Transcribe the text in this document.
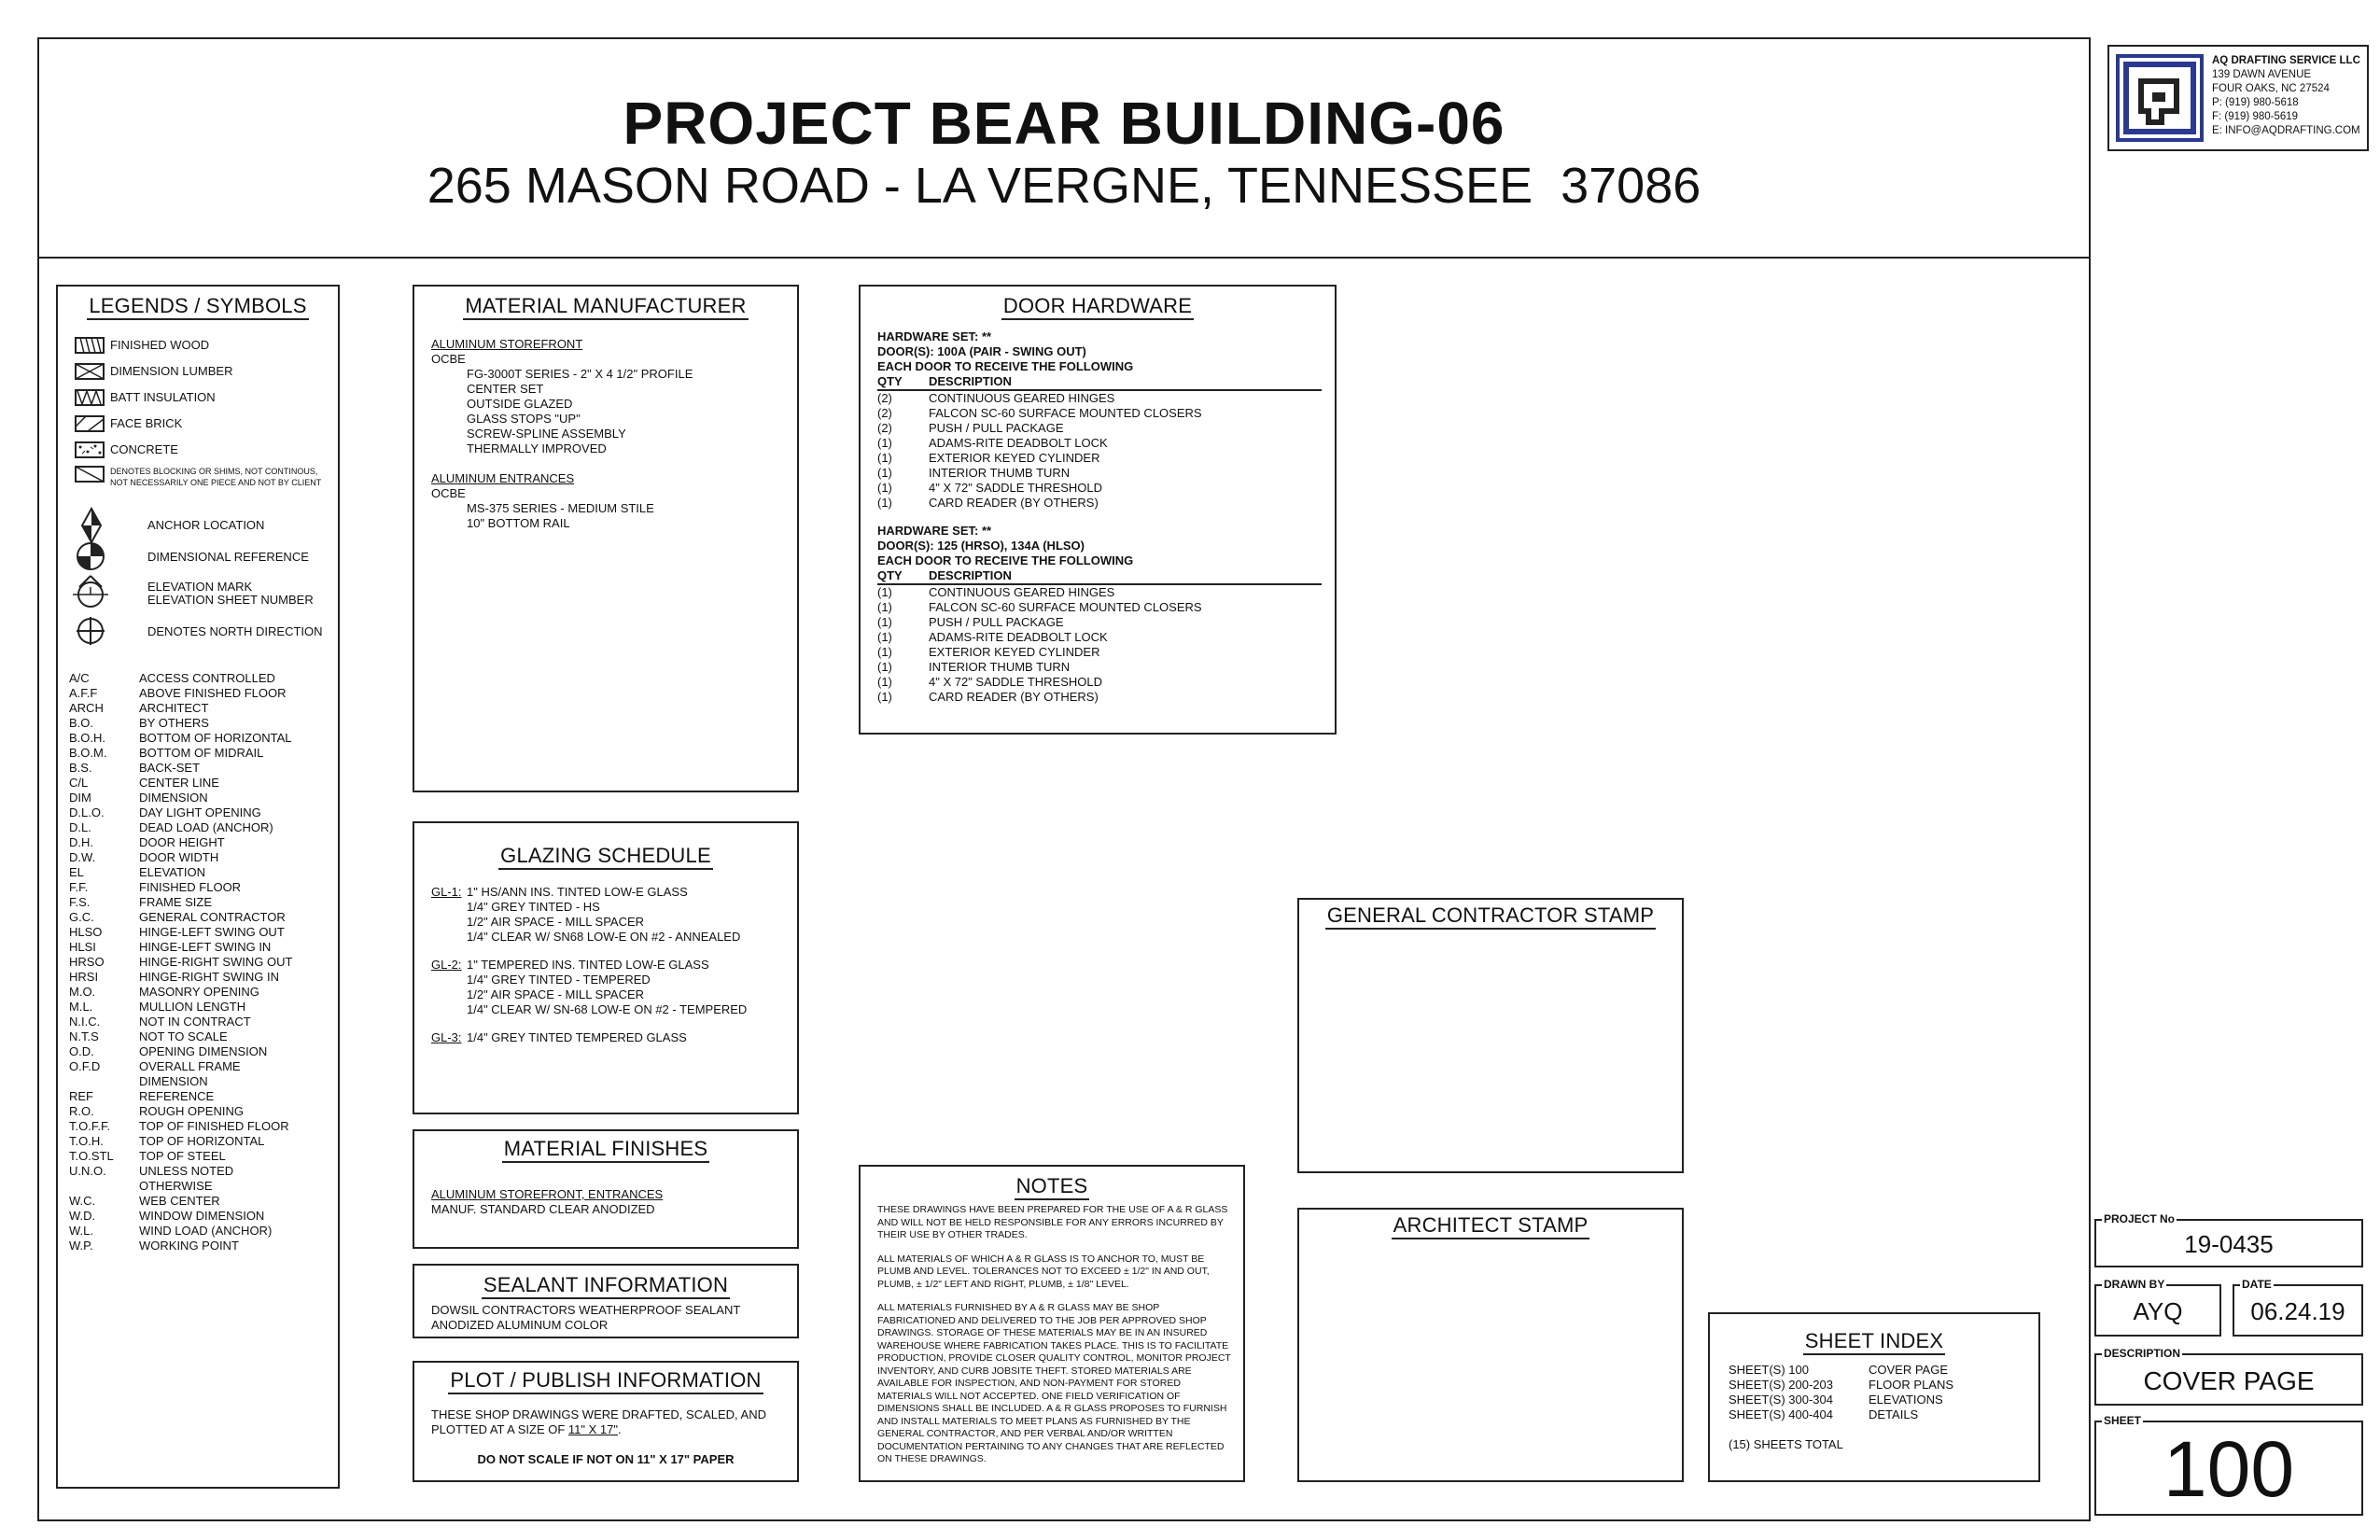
PROJECT BEAR BUILDING-06
265 MASON ROAD - LA VERGNE, TENNESSEE  37086
AQ DRAFTING SERVICE LLC
139 DAWN AVENUE
FOUR OAKS, NC 27524
P: (919) 980-5618
F: (919) 980-5619
E: INFO@AQDRAFTING.COM
LEGENDS / SYMBOLS
FINISHED WOOD
DIMENSION LUMBER
BATT INSULATION
FACE BRICK
CONCRETE
DENOTES BLOCKING OR SHIMS, NOT CONTINOUS, NOT NECESSARILY ONE PIECE AND NOT BY CLIENT
ANCHOR LOCATION
DIMENSIONAL REFERENCE
ELEVATION MARK
ELEVATION SHEET NUMBER
DENOTES NORTH DIRECTION
A/C	ACCESS CONTROLLED
A.F.F	ABOVE FINISHED FLOOR
ARCH	ARCHITECT
B.O.	BY OTHERS
B.O.H.	BOTTOM OF HORIZONTAL
B.O.M.	BOTTOM OF MIDRAIL
B.S.	BACK-SET
C/L	CENTER LINE
DIM	DIMENSION
D.L.O.	DAY LIGHT OPENING
D.L.	DEAD LOAD (ANCHOR)
D.H.	DOOR HEIGHT
D.W.	DOOR WIDTH
EL	ELEVATION
F.F.	FINISHED FLOOR
F.S.	FRAME SIZE
G.C.	GENERAL CONTRACTOR
HLSO	HINGE-LEFT SWING OUT
HLSI	HINGE-LEFT SWING IN
HRSO	HINGE-RIGHT SWING OUT
HRSI	HINGE-RIGHT SWING IN
M.O.	MASONRY OPENING
M.L.	MULLION LENGTH
N.I.C.	NOT IN CONTRACT
N.T.S	NOT TO SCALE
O.D.	OPENING DIMENSION
O.F.D	OVERALL FRAME
DIMENSION
REF	REFERENCE
R.O.	ROUGH OPENING
T.O.F.F.	TOP OF FINISHED FLOOR
T.O.H.	TOP OF HORIZONTAL
T.O.STL	TOP OF STEEL
U.N.O.	UNLESS NOTED
OTHERWISE
W.C.	WEB CENTER
W.D.	WINDOW DIMENSION
W.L.	WIND LOAD (ANCHOR)
W.P.	WORKING POINT
MATERIAL MANUFACTURER
ALUMINUM STOREFRONT
OCBE
FG-3000T SERIES - 2" X 4 1/2" PROFILE
CENTER SET
OUTSIDE GLAZED
GLASS STOPS "UP"
SCREW-SPLINE ASSEMBLY
THERMALLY IMPROVED
ALUMINUM ENTRANCES
OCBE
MS-375 SERIES - MEDIUM STILE
10" BOTTOM RAIL
GLAZING SCHEDULE
GL-1: 1" HS/ANN INS. TINTED LOW-E GLASS
1/4" GREY TINTED - HS
1/2" AIR SPACE - MILL SPACER
1/4" CLEAR W/ SN68 LOW-E ON #2 - ANNEALED
GL-2: 1" TEMPERED INS. TINTED LOW-E GLASS
1/4" GREY TINTED - TEMPERED
1/2" AIR SPACE - MILL SPACER
1/4" CLEAR W/ SN-68 LOW-E ON #2 - TEMPERED
GL-3: 1/4" GREY TINTED TEMPERED GLASS
MATERIAL FINISHES
ALUMINUM STOREFRONT, ENTRANCES
MANUF. STANDARD CLEAR ANODIZED
SEALANT INFORMATION
DOWSIL CONTRACTORS WEATHERPROOF SEALANT
ANODIZED ALUMINUM COLOR
PLOT / PUBLISH INFORMATION
THESE SHOP DRAWINGS WERE DRAFTED, SCALED, AND
PLOTTED AT A SIZE OF 11" X 17".
DO NOT SCALE IF NOT ON 11" X 17" PAPER
DOOR HARDWARE
HARDWARE SET: **
DOOR(S): 100A (PAIR - SWING OUT)
EACH DOOR TO RECEIVE THE FOLLOWING
QTY	DESCRIPTION
(2)	CONTINUOUS GEARED HINGES
(2)	FALCON SC-60 SURFACE MOUNTED CLOSERS
(2)	PUSH / PULL PACKAGE
(1)	ADAMS-RITE DEADBOLT LOCK
(1)	EXTERIOR KEYED CYLINDER
(1)	INTERIOR THUMB TURN
(1)	4" X 72" SADDLE THRESHOLD
(1)	CARD READER (BY OTHERS)
HARDWARE SET: **
DOOR(S): 125 (HRSO), 134A (HLSO)
EACH DOOR TO RECEIVE THE FOLLOWING
QTY	DESCRIPTION
(1)	CONTINUOUS GEARED HINGES
(1)	FALCON SC-60 SURFACE MOUNTED CLOSERS
(1)	PUSH / PULL PACKAGE
(1)	ADAMS-RITE DEADBOLT LOCK
(1)	EXTERIOR KEYED CYLINDER
(1)	INTERIOR THUMB TURN
(1)	4" X 72" SADDLE THRESHOLD
(1)	CARD READER (BY OTHERS)
NOTES
THESE DRAWINGS HAVE BEEN PREPARED FOR THE USE OF A & R GLASS AND WILL NOT BE HELD RESPONSIBLE FOR ANY ERRORS INCURRED BY THEIR USE BY OTHER TRADES.
ALL MATERIALS OF WHICH A & R GLASS IS TO ANCHOR TO, MUST BE PLUMB AND LEVEL. TOLERANCES NOT TO EXCEED ± 1/2" IN AND OUT, PLUMB, ± 1/2" LEFT AND RIGHT, PLUMB, ± 1/8" LEVEL.
ALL MATERIALS FURNISHED BY A & R GLASS MAY BE SHOP FABRICATIONED AND DELIVERED TO THE JOB PER APPROVED SHOP DRAWINGS. STORAGE OF THESE MATERIALS MAY BE IN AN INSURED WAREHOUSE WHERE FABRICATION TAKES PLACE. THIS IS TO FACILITATE PRODUCTION, PROVIDE CLOSER QUALITY CONTROL, MONITOR PROJECT INVENTORY, AND CURB JOBSITE THEFT. STORED MATERIALS ARE AVAILABLE FOR INSPECTION, AND NON-PAYMENT FOR STORED MATERIALS WILL NOT ACCEPTED. ONE FIELD VERIFICATION OF DIMENSIONS SHALL BE INCLUDED. A & R GLASS PROPOSES TO FURNISH AND INSTALL MATERIALS TO MEET PLANS AS FURNISHED BY THE GENERAL CONTRACTOR, AND PER VERBAL AND/OR WRITTEN DOCUMENTATION PERTAINING TO ANY CHANGES THAT ARE REFLECTED ON THESE DRAWINGS.
GENERAL CONTRACTOR STAMP
ARCHITECT STAMP
SHEET INDEX
SHEET(S) 100	COVER PAGE
SHEET(S) 200-203	FLOOR PLANS
SHEET(S) 300-304	ELEVATIONS
SHEET(S) 400-404	DETAILS
(15) SHEETS TOTAL
PROJECT No
19-0435
DRAWN BY
AYQ
DATE
06.24.19
DESCRIPTION
COVER PAGE
SHEET
100
